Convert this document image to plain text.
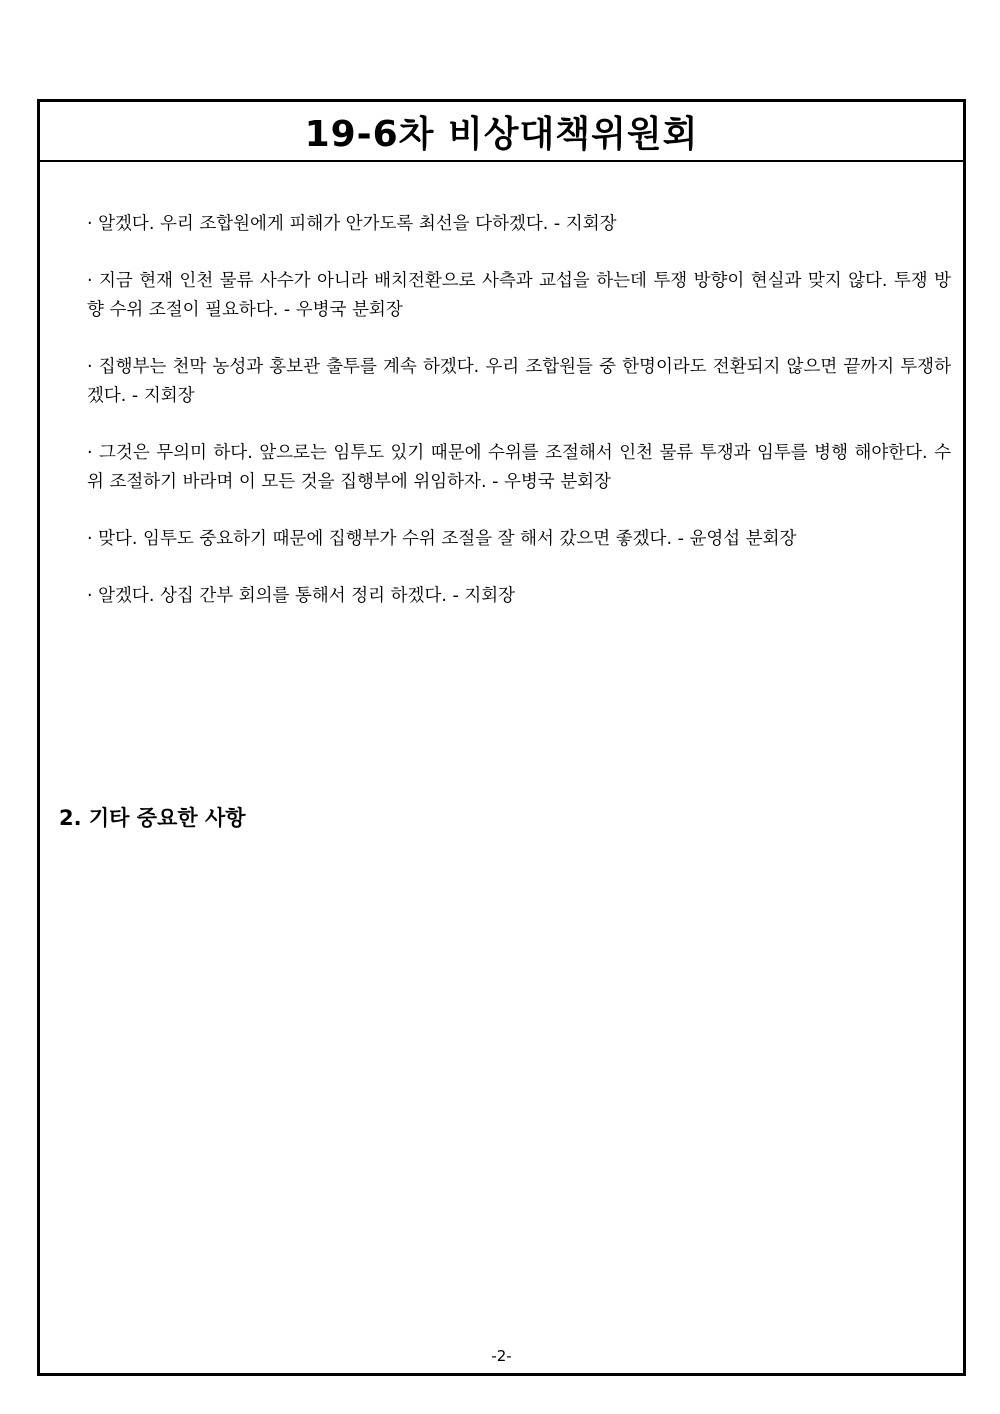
19-6차 비상대책위원회

· 알겠다. 우리 조합원에게 피해가 안가도록 최선을 다하겠다. - 지회장

· 지금 현재 인천 물류 사수가 아니라 배치전환으로 사측과 교섭을 하는데 투쟁 방향이 현실과 맞지 않다. 투쟁 방향 수위 조절이 필요하다. - 우병국 분회장

· 집행부는 천막 농성과 홍보관 출투를 계속 하겠다. 우리 조합원들 중 한명이라도 전환되지 않으면 끝까지 투쟁하겠다. - 지회장

· 그것은 무의미 하다. 앞으로는 임투도 있기 때문에 수위를 조절해서 인천 물류 투쟁과 임투를 병행 해야한다. 수위 조절하기 바라며 이 모든 것을 집행부에 위임하자. - 우병국 분회장

· 맞다. 임투도 중요하기 때문에 집행부가 수위 조절을 잘 해서 갔으면 좋겠다. - 윤영섭 분회장

· 알겠다. 상집 간부 회의를 통해서 정리 하겠다. - 지회장

2. 기타 중요한 사항
-2-
